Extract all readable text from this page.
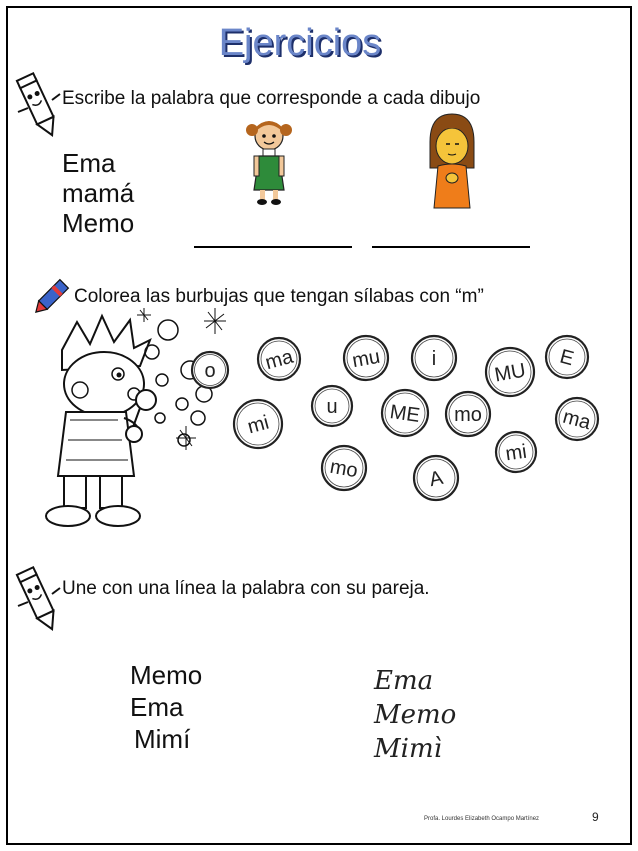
Ejercicios
Escribe la palabra que corresponde a cada dibujo
Ema
mamá
Memo
Colorea las burbujas que tengan sílabas con “m”
o ma	mu	i
MU
E
mi
u	ME mo	ma
mi
mo	A
Une con una línea la palabra con su pareja.
Memo
Ema
Mimí
Ema
Memo
Mimì
Profa. Lourdes Elizabeth Ocampo Martínez	9
